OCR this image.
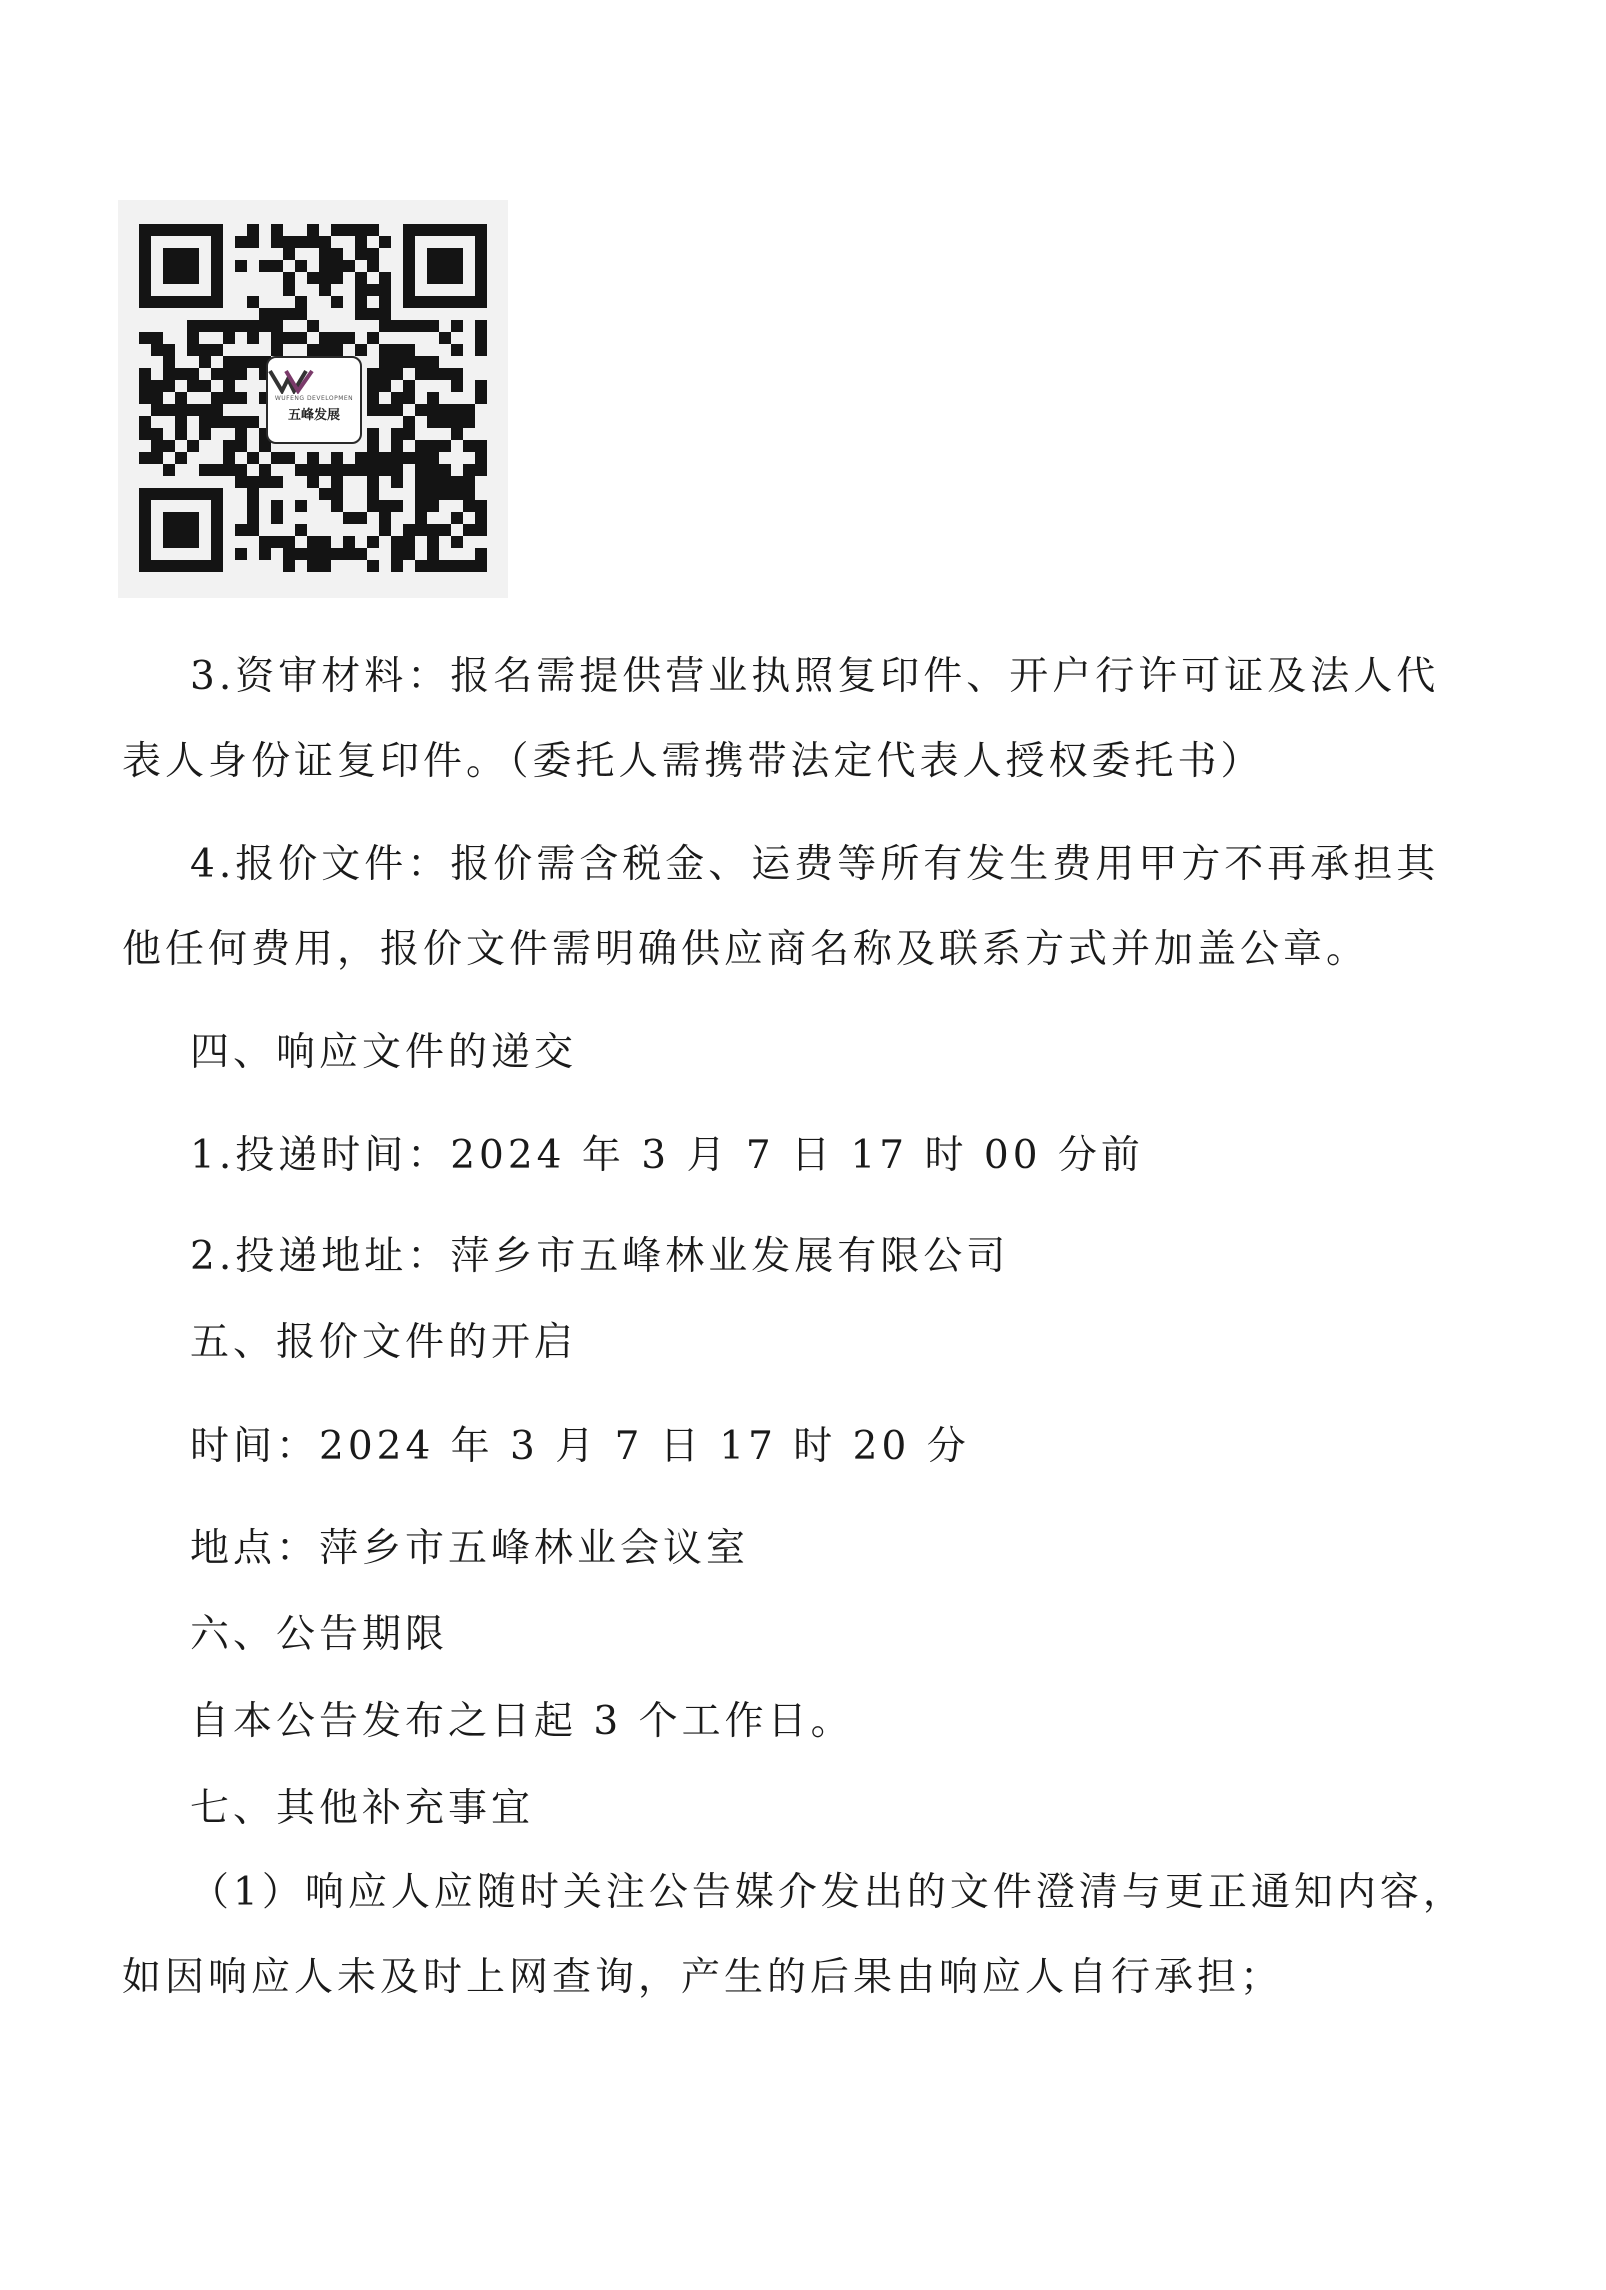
WUFENG DEVELOPMEN
五峰发展
3.资审材料：报名需提供营业执照复印件、开户行许可证及法人代
表人身份证复印件。（委托人需携带法定代表人授权委托书）
4.报价文件：报价需含税金、运费等所有发生费用甲方不再承担其
他任何费用，报价文件需明确供应商名称及联系方式并加盖公章。
四、响应文件的递交
1.投递时间：2024 年 3 月 7 日 17 时 00 分前
2.投递地址：萍乡市五峰林业发展有限公司
五、报价文件的开启
时间：2024 年 3 月 7 日 17 时 20 分
地点：萍乡市五峰林业会议室
六、公告期限
自本公告发布之日起 3 个工作日。
七、其他补充事宜
（1）响应人应随时关注公告媒介发出的文件澄清与更正通知内容，
如因响应人未及时上网查询，产生的后果由响应人自行承担；
